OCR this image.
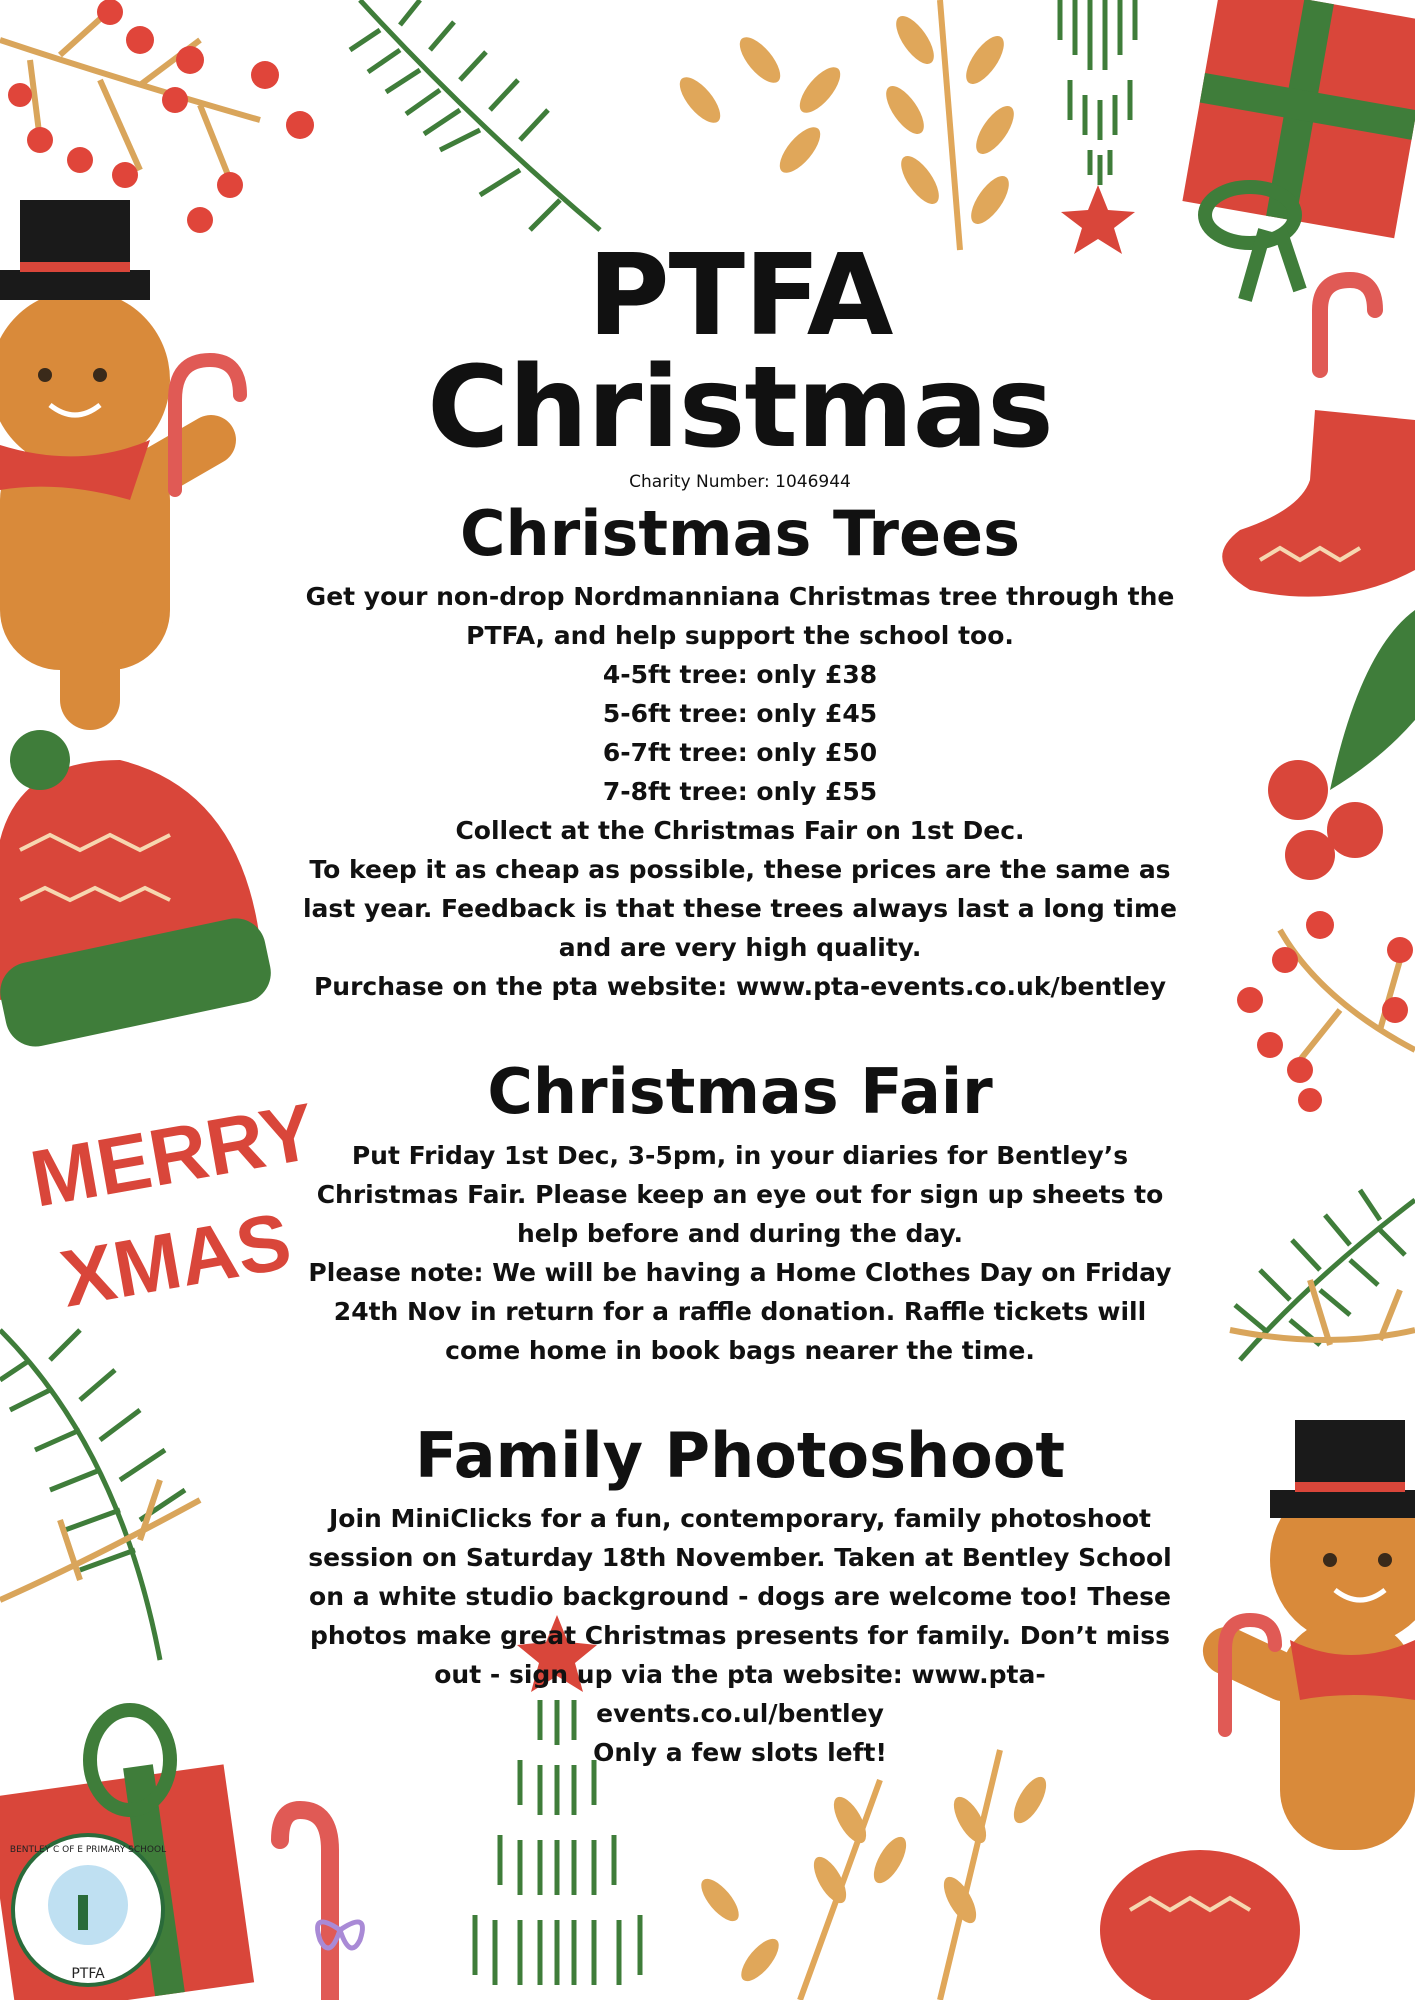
MERRY
XMAS
PTFA
BENTLEY C OF E PRIMARY SCHOOL
PTFA Christmas
Charity Number: 1046944
Christmas Trees

Get your non-drop Nordmanniana Christmas tree through the PTFA, and help support the school too.

4-5ft tree: only £38

5-6ft tree: only £45

6-7ft tree: only £50

7-8ft tree: only £55

Collect at the Christmas Fair on 1st Dec.

To keep it as cheap as possible, these prices are the same as last year. Feedback is that these trees always last a long time and are very high quality.

Purchase on the pta website: www.pta-events.co.uk/bentley

Christmas Fair

Put Friday 1st Dec, 3-5pm, in your diaries for Bentley’s Christmas Fair. Please keep an eye out for sign up sheets to help before and during the day.

Please note: We will be having a Home Clothes Day on Friday 24th Nov in return for a raffle donation. Raffle tickets will come home in book bags nearer the time.

Family Photoshoot

Join MiniClicks for a fun, contemporary, family photoshoot session on Saturday 18th November. Taken at Bentley School on a white studio background - dogs are welcome too! These photos make great Christmas presents for family. Don’t miss out - sign up via the pta website: www.pta-events.co.ul/bentley

Only a few slots left!
